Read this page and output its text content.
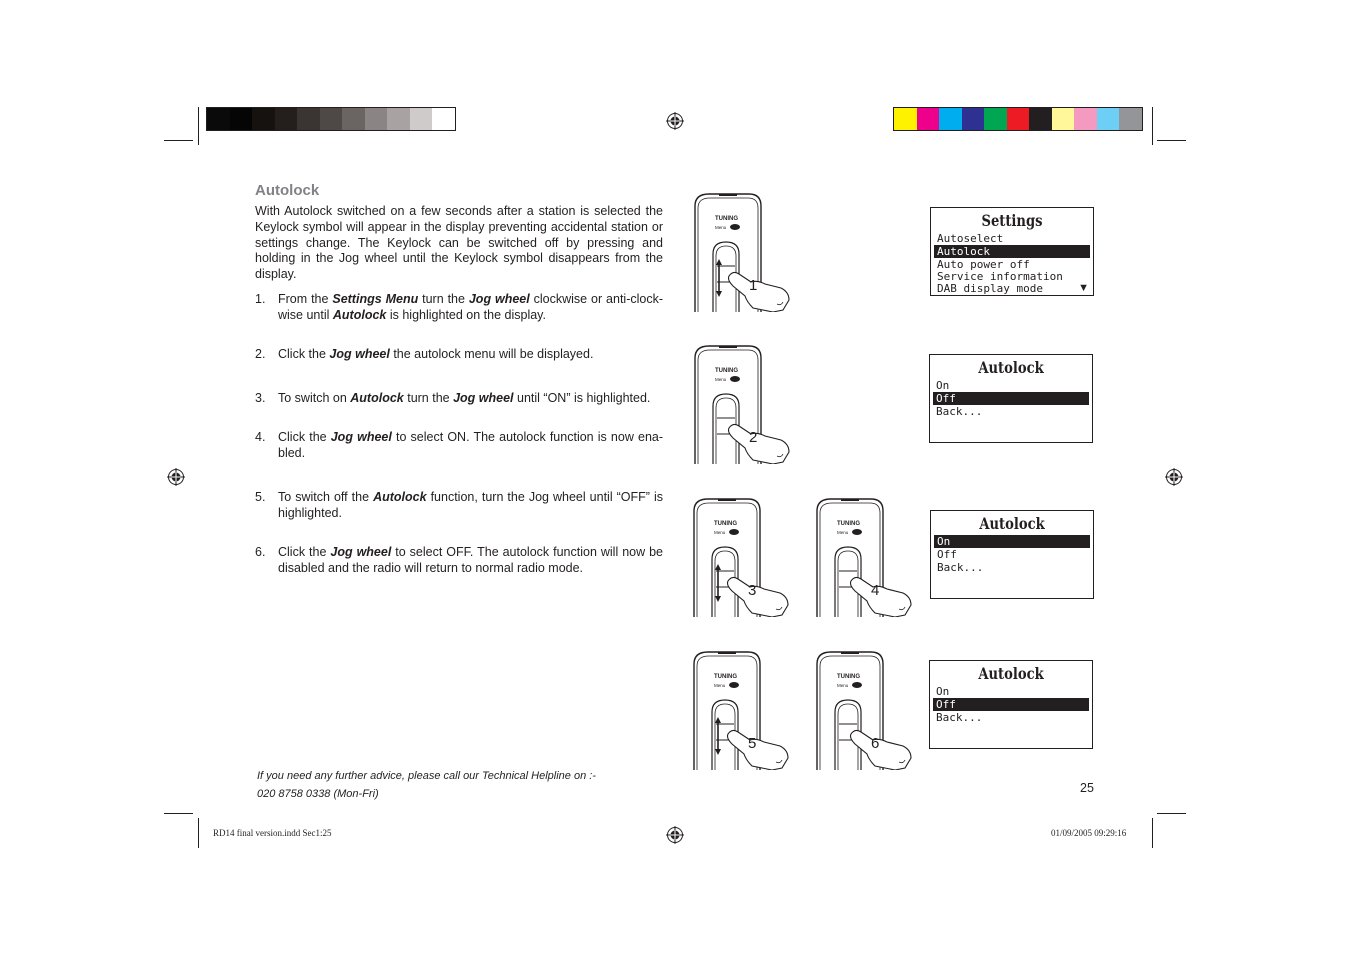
Autolock

With Autolock switched on a few seconds after a station is selected the Keylock symbol will appear in the display preventing accidental station or settings change. The Keylock can be switched off by pressing and holding in the Jog wheel until the Keylock symbol disappears from the display.

1. From the Settings Menu turn the Jog wheel clockwise or anti-clock-wise until Autolock is highlighted on the display.
2. Click the Jog wheel the autolock menu will be displayed.
3. To switch on Autolock turn the Jog wheel until “ON” is highlighted.
4. Click the Jog wheel to select ON. The autolock function is now ena-bled.
5. To switch off the Autolock function, turn the Jog wheel until “OFF” is highlighted.
6. Click the Jog wheel to select OFF. The autolock function will now be disabled and the radio will return to normal radio mode.
TUNING
Menu
1
TUNING
Menu
2
TUNING
Menu
3
TUNING
Menu
4
TUNING
Menu
5
TUNING
Menu
6
Settings
Autoselect
Autolock
Auto power off
Service information
DAB display mode	▼
Autolock
On
Off
Back...
Autolock
On
Off
Back...
Autolock
On
Off
Back...
If you need any further advice, please call our Technical Helpline on :-
020 8758 0338 (Mon-Fri)	25
RD14 final version.indd Sec1:25	01/09/2005 09:29:16
